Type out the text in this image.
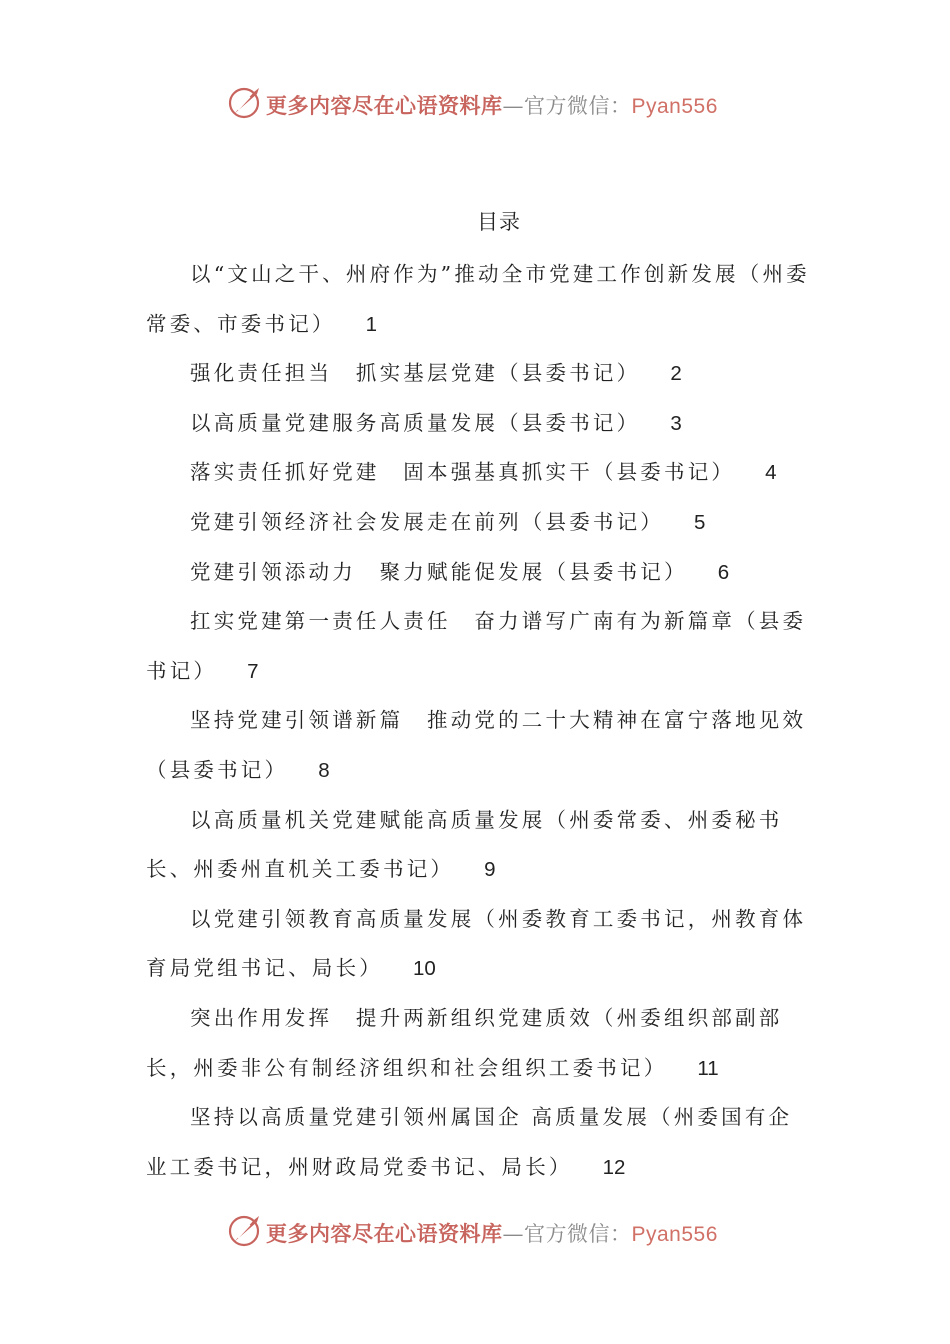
更多内容尽在心语资料库—官方微信：Pyan556
目录
以“文山之干、州府作为”推动全市党建工作创新发展（州委常委、市委书记） 1
强化责任担当　抓实基层党建（县委书记） 2
以高质量党建服务高质量发展（县委书记） 3
落实责任抓好党建　固本强基真抓实干（县委书记） 4
党建引领经济社会发展走在前列（县委书记） 5
党建引领添动力　聚力赋能促发展（县委书记） 6
扛实党建第一责任人责任　奋力谱写广南有为新篇章（县委书记） 7
坚持党建引领谱新篇　推动党的二十大精神在富宁落地见效（县委书记） 8
以高质量机关党建赋能高质量发展（州委常委、州委秘书长、州委州直机关工委书记） 9
以党建引领教育高质量发展（州委教育工委书记，州教育体育局党组书记、局长） 10
突出作用发挥　提升两新组织党建质效（州委组织部副部长，州委非公有制经济组织和社会组织工委书记） 11
坚持以高质量党建引领州属国企 高质量发展（州委国有企业工委书记，州财政局党委书记、局长） 12
更多内容尽在心语资料库—官方微信：Pyan556
